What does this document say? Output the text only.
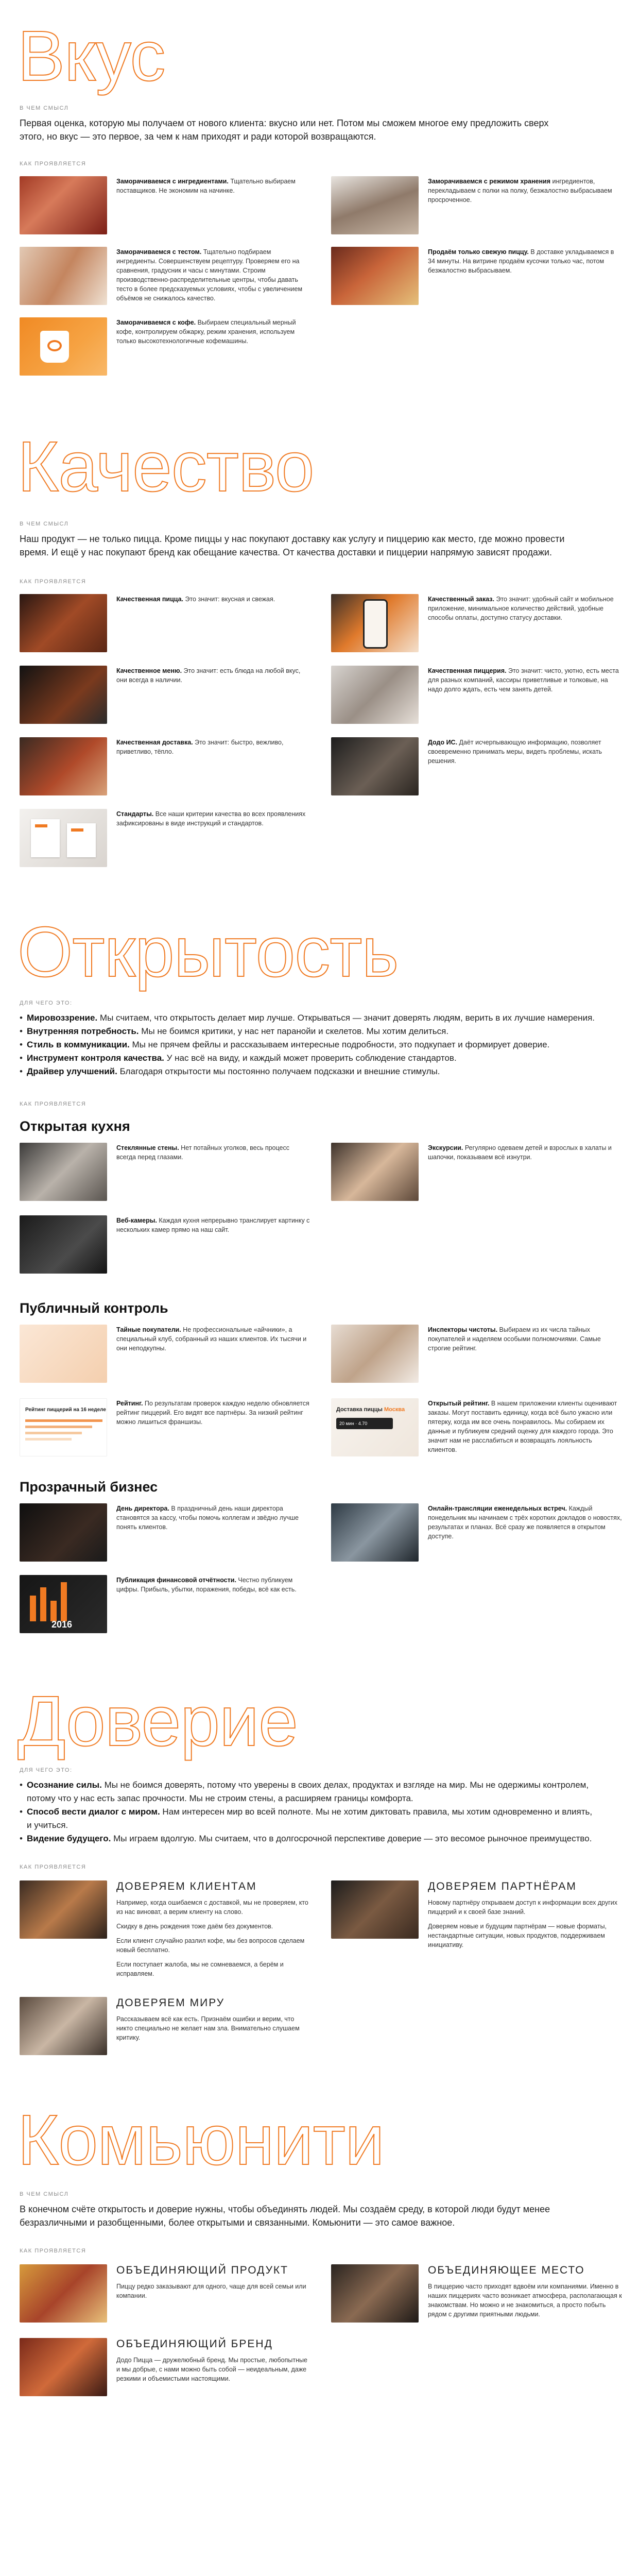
Вкус
В ЧЕМ СМЫСЛ
Первая оценка, которую мы получаем от нового клиента: вкусно или нет. Потом мы сможем многое ему предложить сверх этого, но вкус — это первое, за чем к нам приходят и ради которой возвращаются.
КАК ПРОЯВЛЯЕТСЯ
Заморачиваемся с ингредиентами. Тщательно выбираем поставщиков. Не экономим на начинке.
Заморачиваемся с режимом хранения ингредиентов, перекладываем с полки на полку, безжалостно выбрасываем просроченное.
Заморачиваемся с тестом. Тщательно подбираем ингредиенты. Совершенствуем рецептуру. Проверяем его на сравнения, градусник и часы с минутами. Строим производственно-распределительные центры, чтобы давать тесто в более предсказуемых условиях, чтобы с увеличением объёмов не снижалось качество.
Продаём только свежую пиццу. В доставке укладываемся в 34 минуты. На витрине продаём кусочки только час, потом безжалостно выбрасываем.
Заморачиваемся с кофе. Выбираем специальный мерный кофе, контролируем обжарку, режим хранения, используем только высокотехнологичные кофемашины.
Качество
В ЧЕМ СМЫСЛ
Наш продукт — не только пицца. Кроме пиццы у нас покупают доставку как услугу и пиццерию как место, где можно провести время. И ещё у нас покупают бренд как обещание качества. От качества доставки и пиццерии напрямую зависят продажи.
КАК ПРОЯВЛЯЕТСЯ
Качественная пицца. Это значит: вкусная и свежая.
Качественное меню. Это значит: есть блюда на любой вкус, они всегда в наличии.
Качественная доставка. Это значит: быстро, вежливо, приветливо, тёпло.
Стандарты. Все наши критерии качества во всех проявлениях зафиксированы в виде инструкций и стандартов.
Качественный заказ. Это значит: удобный сайт и мобильное приложение, минимальное количество действий, удобные способы оплаты, доступно статусу доставки.
Качественная пиццерия. Это значит: чисто, уютно, есть места для разных компаний, кассиры приветливые и толковые, на надо долго ждать, есть чем занять детей.
Додо ИС. Даёт исчерпывающую информацию, позволяет своевременно принимать меры, видеть проблемы, искать решения.
Открытость
ДЛЯ ЧЕГО ЭТО:
• Мировоззрение. Мы считаем, что открытость делает мир лучше. Открываться — значит доверять людям, верить в их лучшие намерения.
• Внутренняя потребность. Мы не боимся критики, у нас нет паранойи и скелетов. Мы хотим делиться.
• Стиль в коммуникации. Мы не прячем фейлы и рассказываем интересные подробности, это подкупает и формирует доверие.
• Инструмент контроля качества. У нас всё на виду, и каждый может проверить соблюдение стандартов.
• Драйвер улучшений. Благодаря открытости мы постоянно получаем подсказки и внешние стимулы.
КАК ПРОЯВЛЯЕТСЯ
Открытая кухня
Стеклянные стены. Нет потайных уголков, весь процесс всегда перед глазами.
Экскурсии. Регулярно одеваем детей и взрослых в халаты и шапочки, показываем всё изнутри.
Веб-камеры. Каждая кухня непрерывно транслирует картинку с нескольких камер прямо на наш сайт.
Публичный контроль
Тайные покупатели. Не профессиональные «айчники», а специальный клуб, собранный из наших клиентов. Их тысячи и они неподкупны.
Инспекторы чистоты. Выбираем из их числа тайных покупателей и наделяем особыми полномочиями. Самые строгие рейтинг.
Рейтинг пиццерий на 16 неделе
Рейтинг. По результатам проверок каждую неделю обновляется рейтинг пиццерий. Его видят все партнёры. За низкий рейтинг можно лишиться франшизы.
Доставка пиццы Москва
20 мин · 4.70
Открытый рейтинг. В нашем приложении клиенты оценивают заказы. Могут поставить единицу, когда всё было ужасно или пятерку, когда им все очень понравилось. Мы собираем их данные и публикуем средний оценку для каждого города. Это значит нам не расслабиться и возвращать лояльность клиентов.
Прозрачный бизнес
День директора. В праздничный день наши директора становятся за кассу, чтобы помочь коллегам и звёдно лучше понять клиентов.
Онлайн-трансляции еженедельных встреч. Каждый понедельник мы начинаем с трёх коротких докладов о новостях, результатах и планах. Всё сразу же появляется в открытом доступе.
2016
Публикация финансовой отчётности. Честно публикуем цифры. Прибыль, убытки, поражения, победы, всё как есть.
Доверие
ДЛЯ ЧЕГО ЭТО:
• Осознание силы. Мы не боимся доверять, потому что уверены в своих делах, продуктах и взгляде на мир. Мы не одержимы контролем, потому что у нас есть запас прочности. Мы не строим стены, а расширяем границы комфорта.
• Способ вести диалог с миром. Нам интересен мир во всей полноте. Мы не хотим диктовать правила, мы хотим одновременно и влиять, и учиться.
• Видение будущего. Мы играем вдолгую. Мы считаем, что в долгосрочной перспективе доверие — это весомое рыночное преимущество.
КАК ПРОЯВЛЯЕТСЯ
ДОВЕРЯЕМ КЛИЕНТАМ

Например, когда ошибаемся с доставкой, мы не проверяем, кто из нас виноват, а верим клиенту на слово.

Скидку в день рождения тоже даём без документов.

Если клиент случайно разлил кофе, мы без вопросов сделаем новый бесплатно.

Если поступает жалоба, мы не сомневаемся, а берём и исправляем.

ДОВЕРЯЕМ ПАРТНЁРАМ

Новому партнёру открываем доступ к информации всех других пиццерий и к своей базе знаний.

Доверяем новые и будущим партнёрам — новые форматы, нестандартные ситуации, новых продуктов, поддерживаем инициативу.

ДОВЕРЯЕМ МИРУ

Рассказываем всё как есть. Признаём ошибки и верим, что никто специально не желает нам зла. Внимательно слушаем критику.

Комьюнити
В ЧЕМ СМЫСЛ
В конечном счёте открытость и доверие нужны, чтобы объединять людей. Мы создаём среду, в которой люди будут менее безразличными и разобщенными, более открытыми и связанными. Комьюнити — это самое важное.
КАК ПРОЯВЛЯЕТСЯ
ОБЪЕДИНЯЮЩИЙ ПРОДУКТ
Пиццу редко заказывают для одного, чаще для всей семьи или компании.
ОБЪЕДИНЯЮЩЕЕ МЕСТО
В пиццерию часто приходят вдвоём или компаниями. Именно в наших пиццериях часто возникает атмосфера, располагающая к знакомствам. Но можно и не знакомиться, а просто побыть рядом с другими приятными людьми.
ОБЪЕДИНЯЮЩИЙ БРЕНД
Додо Пицца — дружелюбный бренд. Мы простые, любопытные и мы добрые, с нами можно быть собой — неидеальным, даже резкими и объемистыми настоящими.
